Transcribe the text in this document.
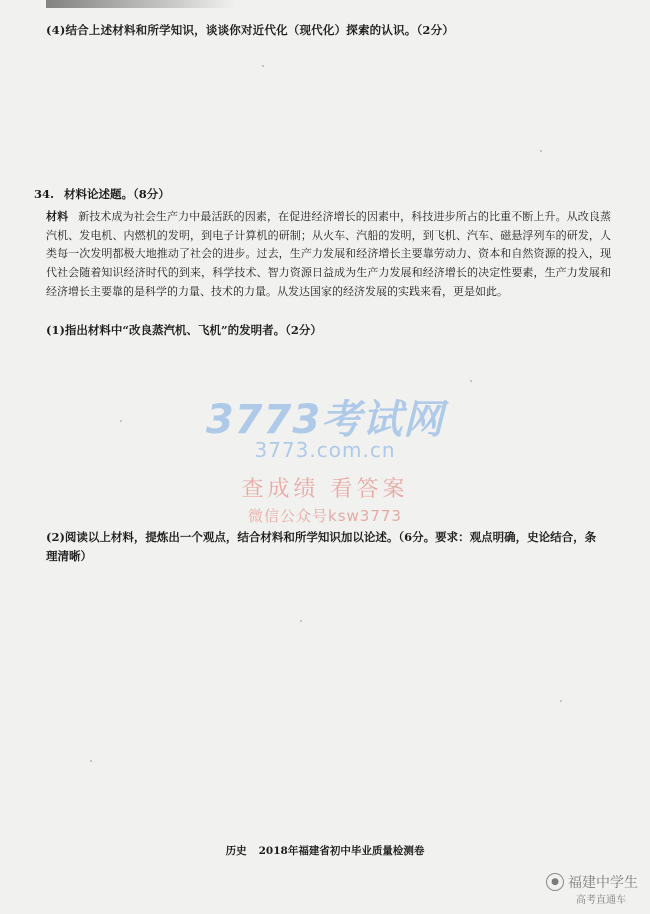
(4)结合上述材料和所学知识，谈谈你对近代化（现代化）探索的认识。（2分）
34. 材料论述题。（8分）
材料 新技术成为社会生产力中最活跃的因素，在促进经济增长的因素中，科技进步所占的比重不断上升。从改良蒸汽机、发电机、内燃机的发明，到电子计算机的研制；从火车、汽船的发明，到飞机、汽车、磁悬浮列车的研发，人类每一次发明都极大地推动了社会的进步。过去，生产力发展和经济增长主要靠劳动力、资本和自然资源的投入，现代社会随着知识经济时代的到来，科学技术、智力资源日益成为生产力发展和经济增长的决定性要素，生产力发展和经济增长主要靠的是科学的力量、技术的力量。从发达国家的经济发展的实践来看，更是如此。
(1)指出材料中“改良蒸汽机、飞机”的发明者。（2分）
3773考试网
3773.com.cn
查成绩 看答案
微信公众号ksw3773
(2)阅读以上材料，提炼出一个观点，结合材料和所学知识加以论述。（6分。要求：观点明确，史论结合，条理清晰）
历史 2018年福建省初中毕业质量检测卷
● 福建中学生
高考直通车
